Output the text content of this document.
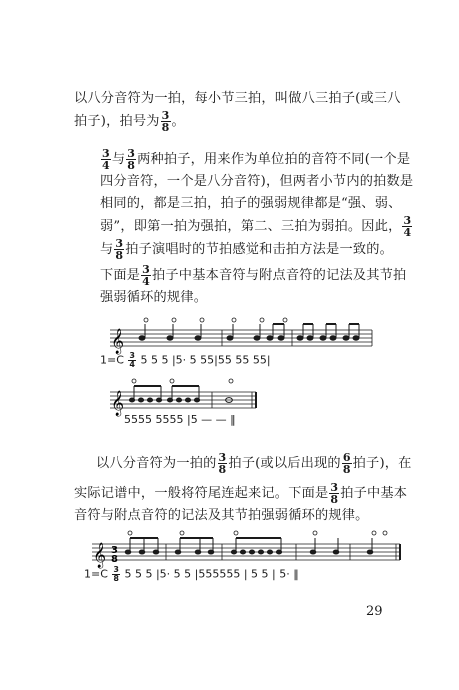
以八分音符为一拍，每小节三拍，叫做八三拍子(或三八拍子)，拍号为 $\frac{3}{8}$ 。
$\frac{3}{4}$ 与 $\frac{3}{8}$ 两种拍子，用来作为单位拍的音符不同(一个是四分音符，一个是八分音符)，但两者小节内的拍数是相同的，都是三拍，拍子的强弱规律都是“强、弱、弱”，即第一拍为强拍，第二、三拍为弱拍。因此， $\frac{3}{4}$
与 $\frac{3}{8}$ 拍子演唱时的节拍感觉和击拍方法是一致的。
下面是 $\frac{3}{4}$ 拍子中基本音符与附点音符的记法及其节拍强弱循环的规律。
𝄞
𝄞
𝄞 3
8
$1=C \frac{3}{4} 5$ 5 5 |5· 5 55|55 55 55|
5555 5555 |5 — — ‖
以八分音符为一拍的 $\frac{3}{8}$ 拍子(或以后出现的 $\frac{6}{8}$ 拍子)，在
实际记谱中，一般将符尾连起来记。下面是 $\frac{3}{8}$ 拍子中基本音符与附点音符的记法及其节拍强弱循环的规律。
$1=C \frac{3}{8} 5$ 5 5 |5· 5 5 |555555 | 5 5 | 5· ‖
29
